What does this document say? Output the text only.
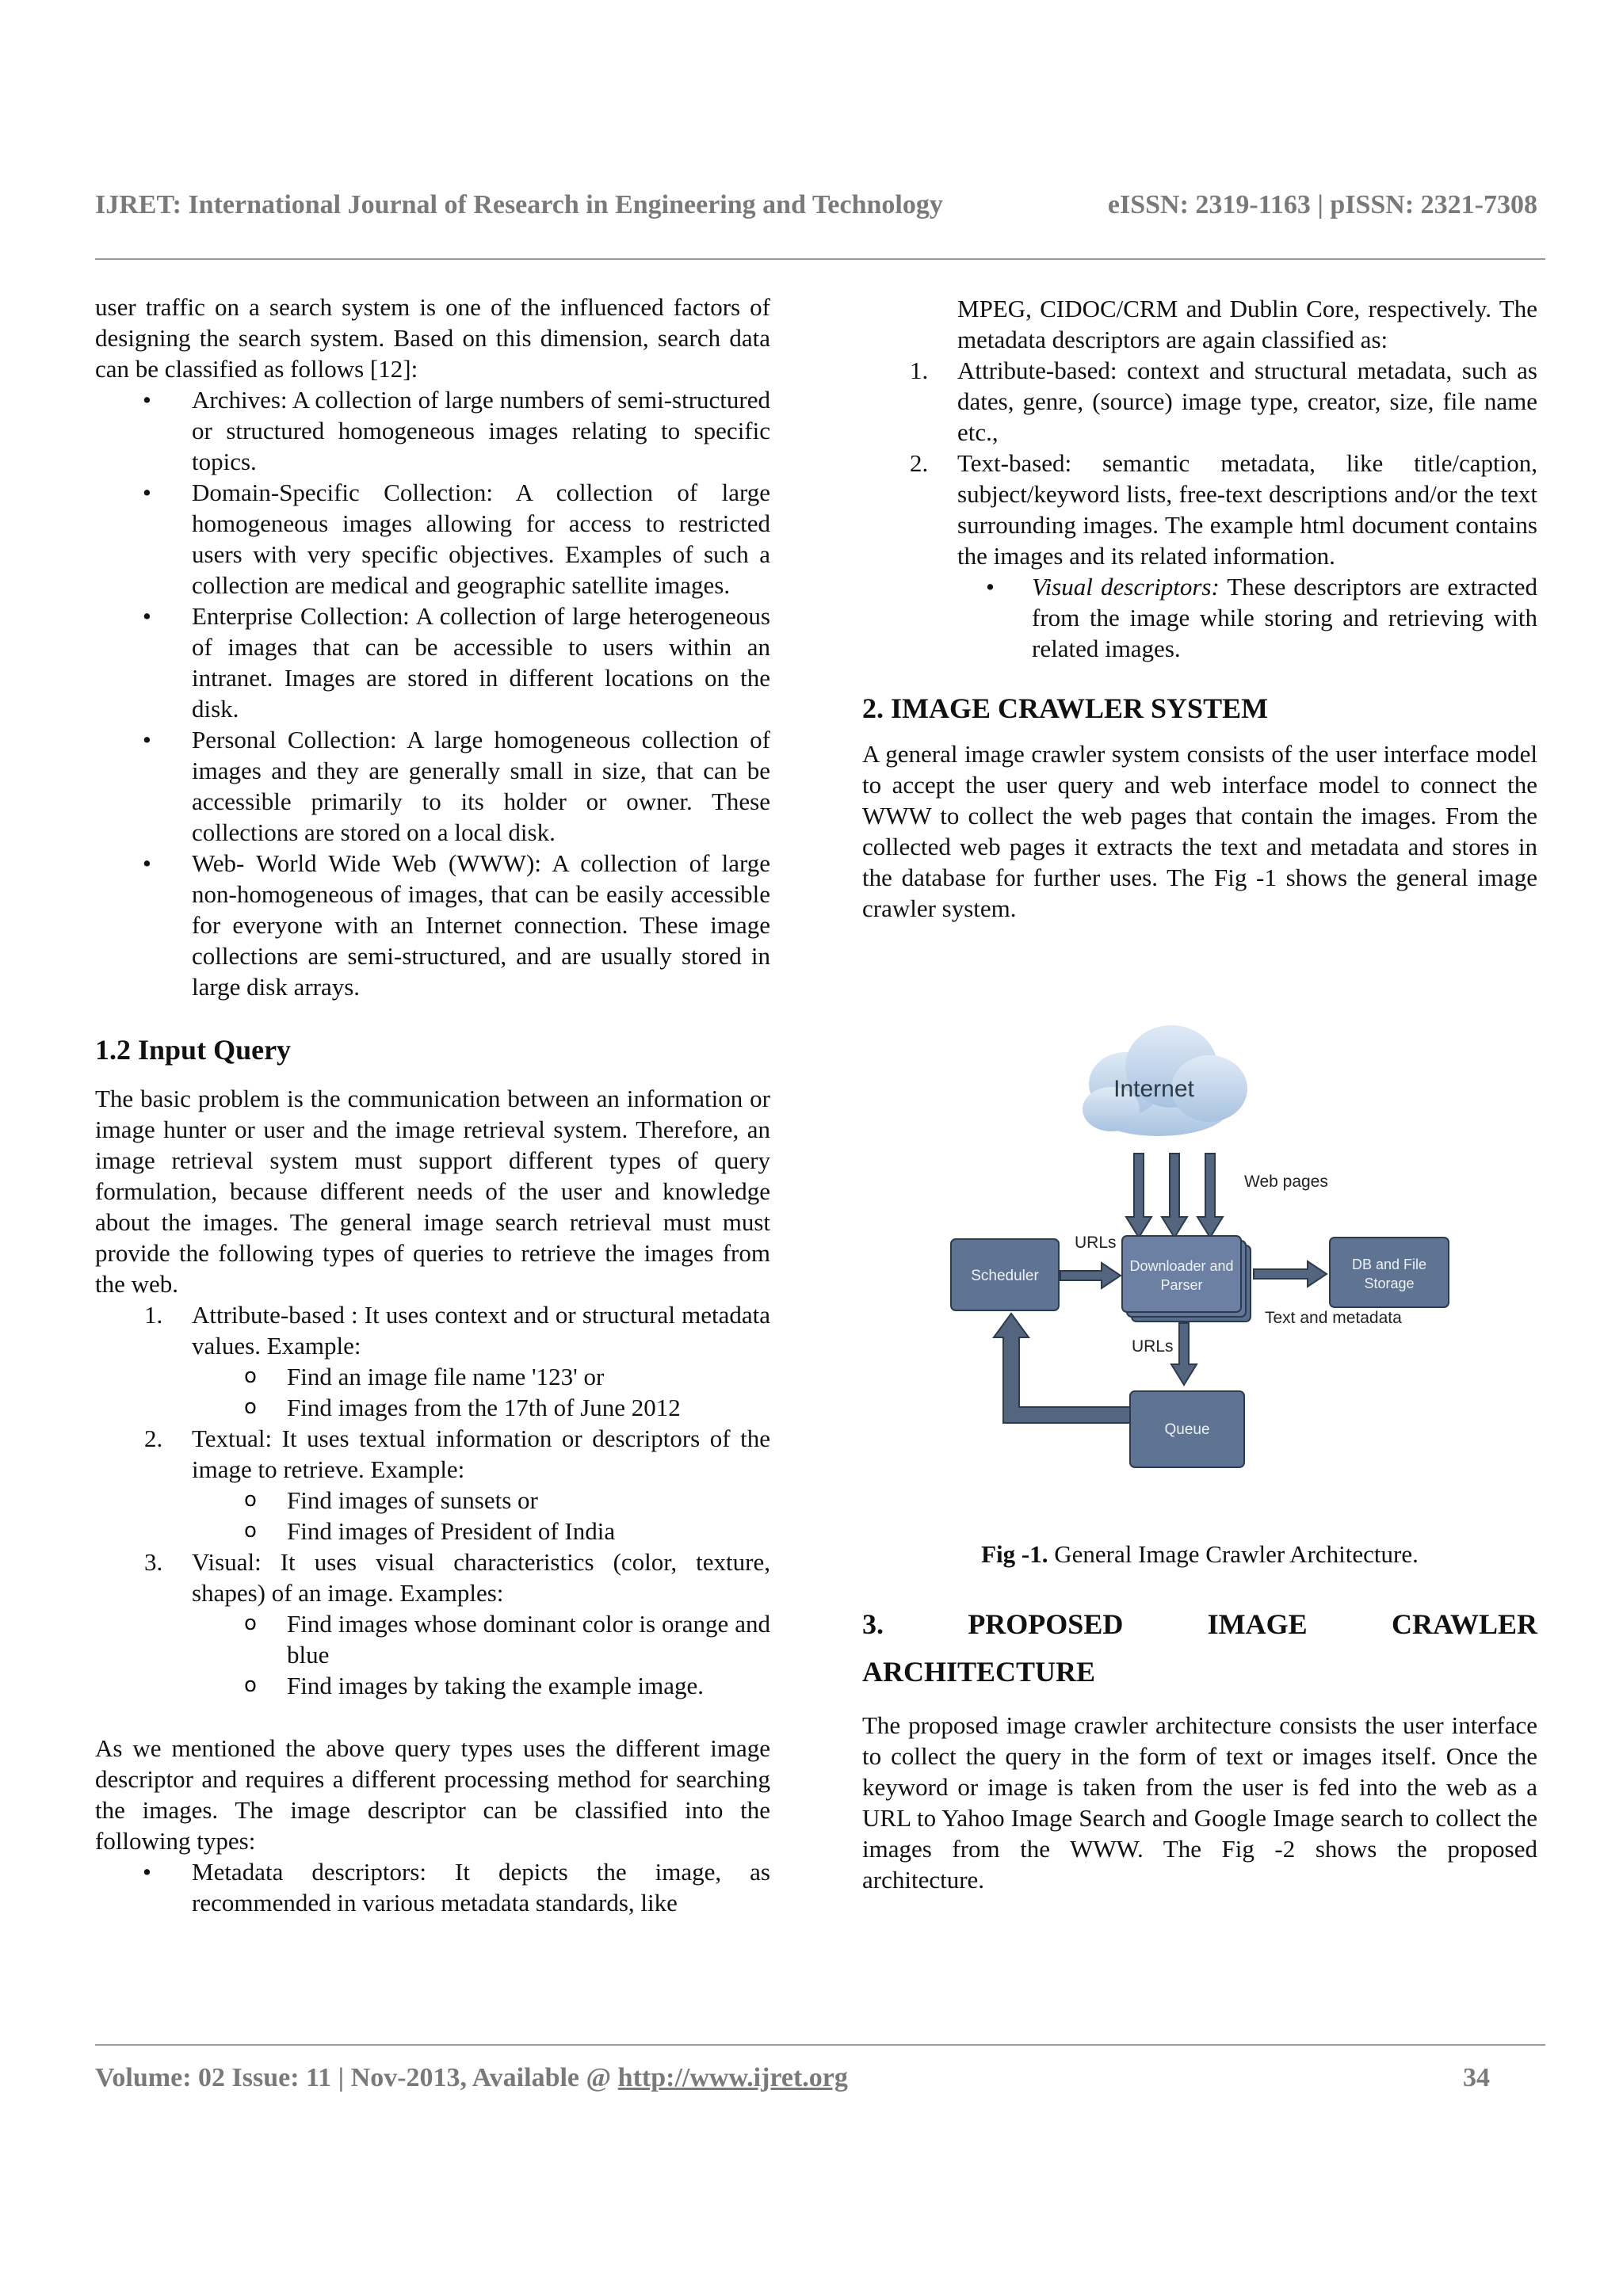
IJRET: International Journal of Research in Engineering and Technology	eISSN: 2319-1163 | pISSN: 2321-7308

user traffic on a search system is one of the influenced factors of designing the search system. Based on this dimension, search data can be classified as follows [12]:

• Archives: A collection of large numbers of semi-structured or structured homogeneous images relating to specific topics.
• Domain-Specific Collection: A collection of large homogeneous images allowing for access to restricted users with very specific objectives. Examples of such a collection are medical and geographic satellite images.
• Enterprise Collection: A collection of large heterogeneous of images that can be accessible to users within an intranet. Images are stored in different locations on the disk.
• Personal Collection: A large homogeneous collection of images and they are generally small in size, that can be accessible primarily to its holder or owner. These collections are stored on a local disk.
• Web- World Wide Web (WWW): A collection of large non-homogeneous of images, that can be easily accessible for everyone with an Internet connection. These image collections are semi-structured, and are usually stored in large disk arrays.
1.2 Input Query

The basic problem is the communication between an information or image hunter or user and the image retrieval system. Therefore, an image retrieval system must support different types of query formulation, because different needs of the user and knowledge about the images. The general image search retrieval must must provide the following types of queries to retrieve the images from the web.

1. Attribute-based : It uses context and or structural metadata values. Example:
o Find an image file name '123' or
o Find images from the 17th of June 2012
2. Textual: It uses textual information or descriptors of the image to retrieve. Example:
o Find images of sunsets or
o Find images of President of India
3. Visual: It uses visual characteristics (color, texture, shapes) of an image. Examples:
o Find images whose dominant color is orange and blue
o Find images by taking the example image.

As we mentioned the above query types uses the different image descriptor and requires a different processing method for searching the images. The image descriptor can be classified into the following types:

• Metadata descriptors: It depicts the image, as recommended in various metadata standards, like

MPEG, CIDOC/CRM and Dublin Core, respectively. The metadata descriptors are again classified as:

1. Attribute-based: context and structural metadata, such as dates, genre, (source) image type, creator, size, file name etc.,
2. Text-based: semantic metadata, like title/caption, subject/keyword lists, free-text descriptions and/or the text surrounding images. The example html document contains the images and its related information.
• Visual descriptors: These descriptors are extracted from the image while storing and retrieving with related images.
2. IMAGE CRAWLER SYSTEM

A general image crawler system consists of the user interface model to accept the user query and web interface model to connect the WWW to collect the web pages that contain the images. From the collected web pages it extracts the text and metadata and stores in the database for further uses. The Fig -1 shows the general image crawler system.

Internet
Web pages
Scheduler
URLs
Downloader and
Parser
Text and metadata
DB and File
Storage
URLs
Queue
Fig -1. General Image Crawler Architecture.
3.	PROPOSED	IMAGE	CRAWLER
ARCHITECTURE

The proposed image crawler architecture consists the user interface to collect the query in the form of text or images itself. Once the keyword or image is taken from the user is fed into the web as a URL to Yahoo Image Search and Google Image search to collect the images from the WWW. The Fig -2 shows the proposed architecture.

Volume: 02 Issue: 11 | Nov-2013, Available @ http://www.ijret.org	34
